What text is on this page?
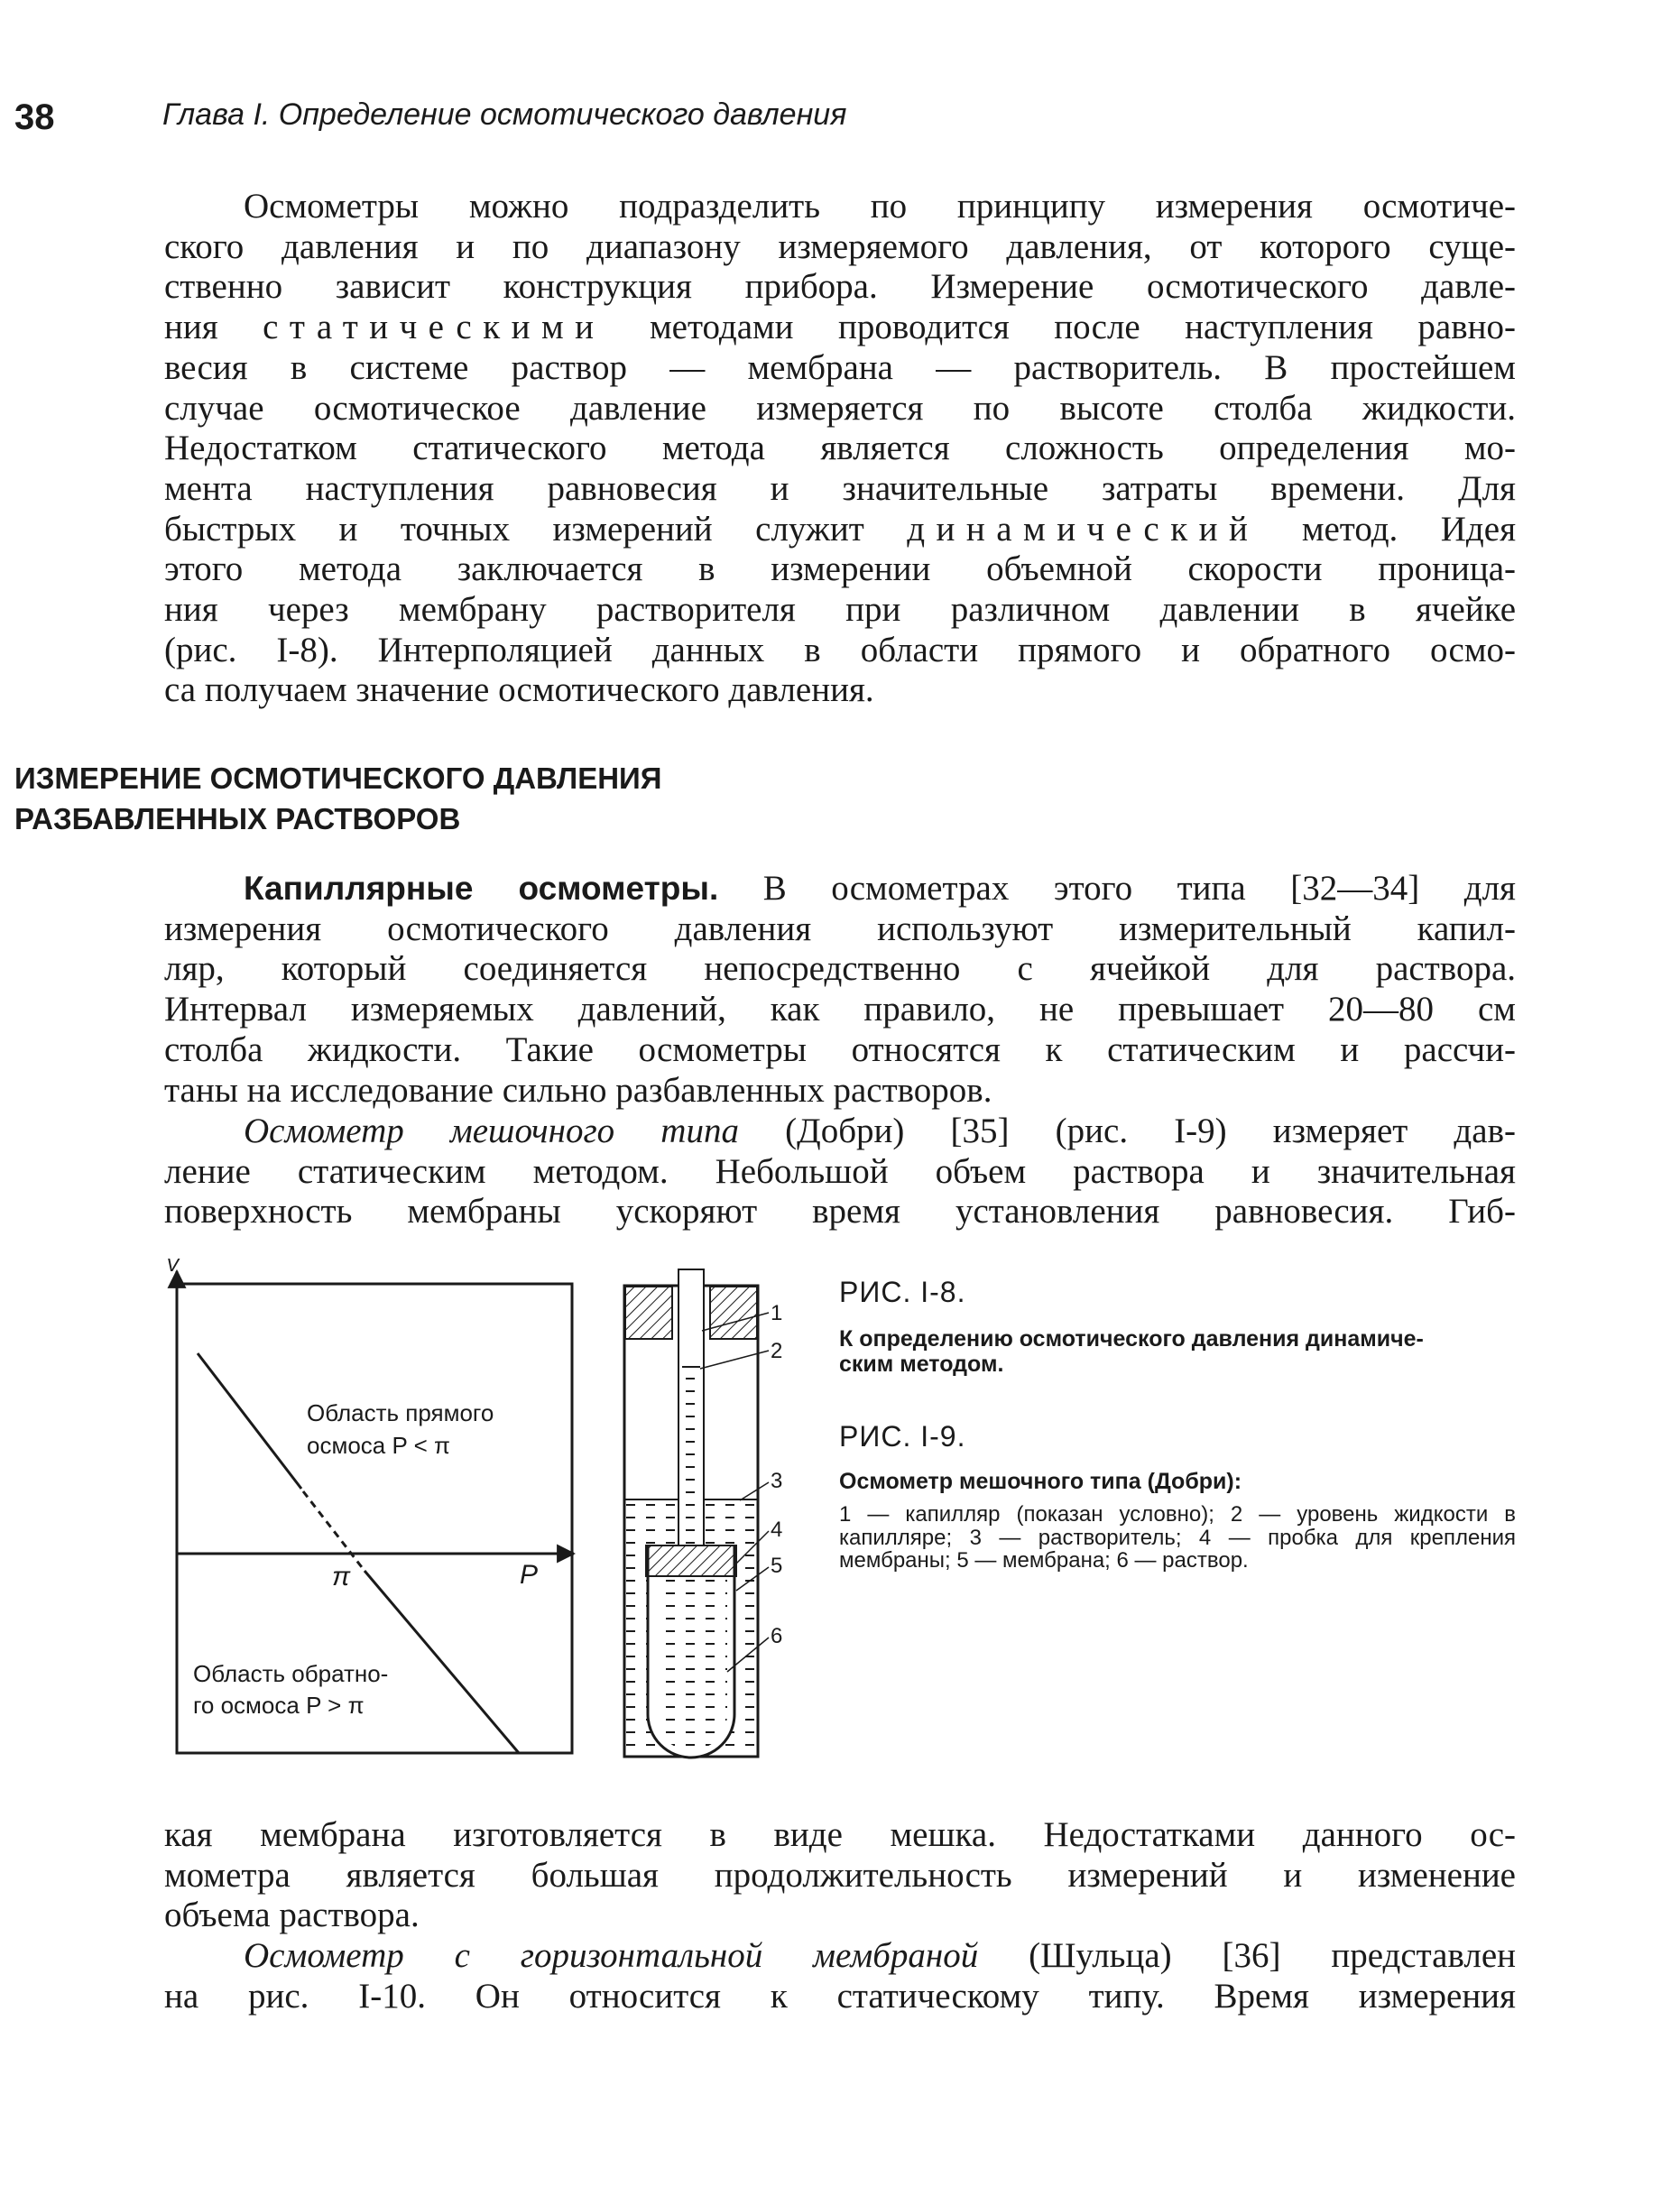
38	Глава I. Определение осмотического давления
Осмометры можно подразделить по принципу измерения осмотиче-
ского давления и по диапазону измеряемого давления, от которого суще-
ственно зависит конструкция прибора. Измерение осмотического давле-
ния статическими методами проводится после наступления равно-
весия в системе раствор — мембрана — растворитель. В простейшем
случае осмотическое давление измеряется по высоте столба жидкости.
Недостатком статического метода является сложность определения мо-
мента наступления равновесия и значительные затраты времени. Для
быстрых и точных измерений служит динамический метод. Идея
этого метода заключается в измерении объемной скорости проница-
ния через мембрану растворителя при различном давлении в ячейке
(рис. I-8). Интерполяцией данных в области прямого и обратного осмо-
са получаем значение осмотического давления.
ИЗМЕРЕНИЕ ОСМОТИЧЕСКОГО ДАВЛЕНИЯ
РАЗБАВЛЕННЫХ РАСТВОРОВ
Капиллярные осмометры. В осмометрах этого типа [32—34] для
измерения осмотического давления используют измерительный капил-
ляр, который соединяется непосредственно с ячейкой для раствора.
Интервал измеряемых давлений, как правило, не превышает 20—80 см
столба жидкости. Такие осмометры относятся к статическим и рассчи-
таны на исследование сильно разбавленных растворов.
Осмометр мешочного типа (Добри) [35] (рис. I-9) измеряет дав-
ление статическим методом. Небольшой объем раствора и значительная
поверхность мембраны ускоряют время установления равновесия. Гиб-
V
P
π
Область прямого
осмоса P < π
Область обратно-
го осмоса P > π
1
2
3
4
5
6
РИС. I-8.
К определению осмотического давления динамиче-
ским методом.
РИС. I-9.
Осмометр мешочного типа (Добри):
1 — капилляр (показан условно); 2 — уровень жидкости в капилляре; 3 — растворитель; 4 — пробка для крепления мембраны; 5 — мембрана; 6 — раствор.
кая мембрана изготовляется в виде мешка. Недостатками данного ос-
мометра является большая продолжительность измерений и изменение
объема раствора.
Осмометр с горизонтальной мембраной (Шульца) [36] представлен
на рис. I-10. Он относится к статическому типу. Время измерения
